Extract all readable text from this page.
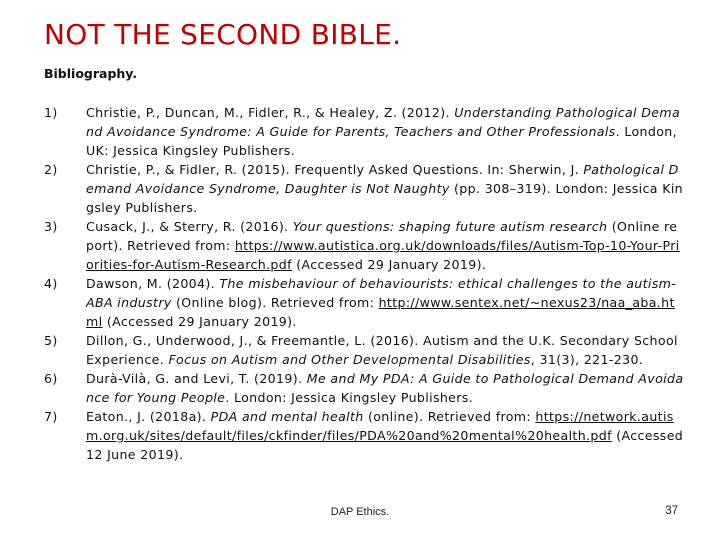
NOT THE SECOND BIBLE.

Bibliography.

1)	Christie, P., Duncan, M., Fidler, R., & Healey, Z. (2012). Understanding Pathological Demand Avoidance Syndrome: A Guide for Parents, Teachers and Other Professionals. London, UK: Jessica Kingsley Publishers.
2)	Christie, P., & Fidler, R. (2015). Frequently Asked Questions. In: Sherwin, J. Pathological Demand Avoidance Syndrome, Daughter is Not Naughty (pp. 308–319). London: Jessica Kingsley Publishers.
3)	Cusack, J., & Sterry, R. (2016). Your questions: shaping future autism research (Online report). Retrieved from: https://www.autistica.org.uk/downloads/files/Autism-Top-10-Your-Priorities-for-Autism-Research.pdf (Accessed 29 January 2019).
4)	Dawson, M. (2004). The misbehaviour of behaviourists: ethical challenges to the autism-ABA industry (Online blog). Retrieved from: http://www.sentex.net/~nexus23/naa_aba.html (Accessed 29 January 2019).
5)	Dillon, G., Underwood, J., & Freemantle, L. (2016). Autism and the U.K. Secondary School Experience. Focus on Autism and Other Developmental Disabilities, 31(3), 221-230.
6)	Durà-Vilà, G. and Levi, T. (2019). Me and My PDA: A Guide to Pathological Demand Avoidance for Young People. London: Jessica Kingsley Publishers.
7)	Eaton., J. (2018a). PDA and mental health (online). Retrieved from: https://network.autism.org.uk/sites/default/files/ckfinder/files/PDA%20and%20mental%20health.pdf (Accessed 12 June 2019).
DAP Ethics.	37
